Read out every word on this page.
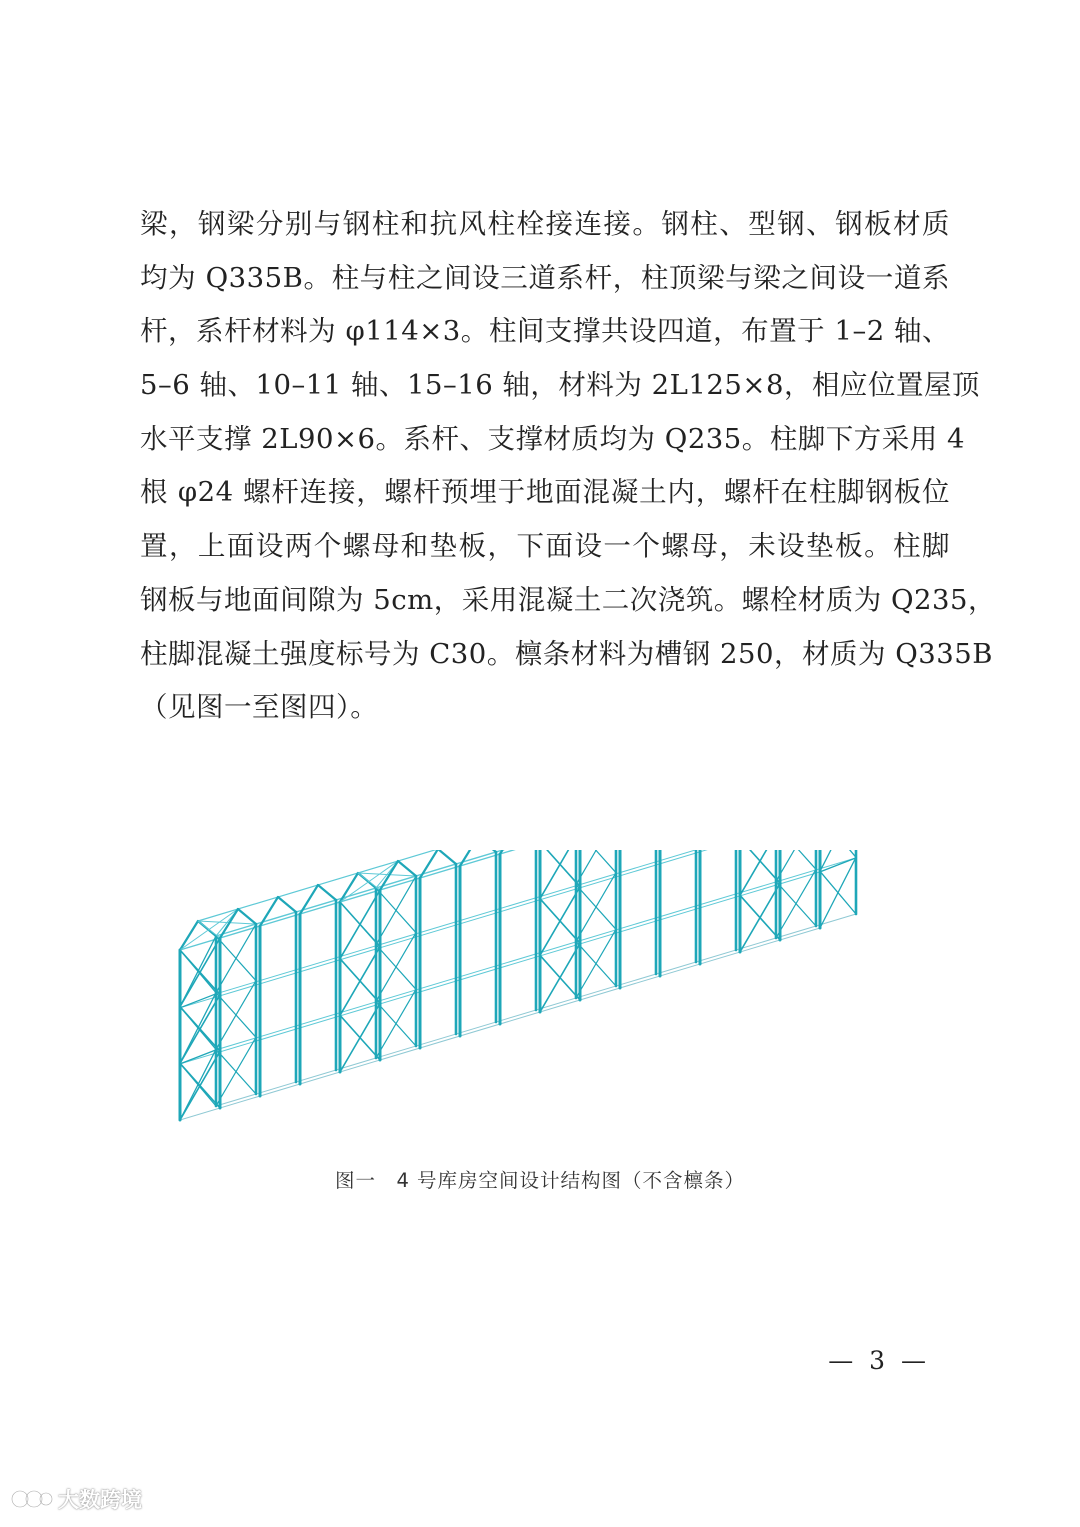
梁，钢梁分别与钢柱和抗风柱栓接连接。钢柱、型钢、钢板材质
均为 Q335B。柱与柱之间设三道系杆，柱顶梁与梁之间设一道系
杆，系杆材料为 φ114×3。柱间支撑共设四道，布置于 1–2 轴、
5–6 轴、10–11 轴、15–16 轴，材料为 2L125×8，相应位置屋顶
水平支撑 2L90×6。系杆、支撑材质均为 Q235。柱脚下方采用 4
根 φ24 螺杆连接，螺杆预埋于地面混凝土内，螺杆在柱脚钢板位
置，上面设两个螺母和垫板，下面设一个螺母，未设垫板。柱脚
钢板与地面间隙为 5cm，采用混凝土二次浇筑。螺栓材质为 Q235，
柱脚混凝土强度标号为 C30。檩条材料为槽钢 250，材质为 Q335B
（见图一至图四）。
图一　4 号库房空间设计结构图（不含檩条）
— 3 —
大数跨境
